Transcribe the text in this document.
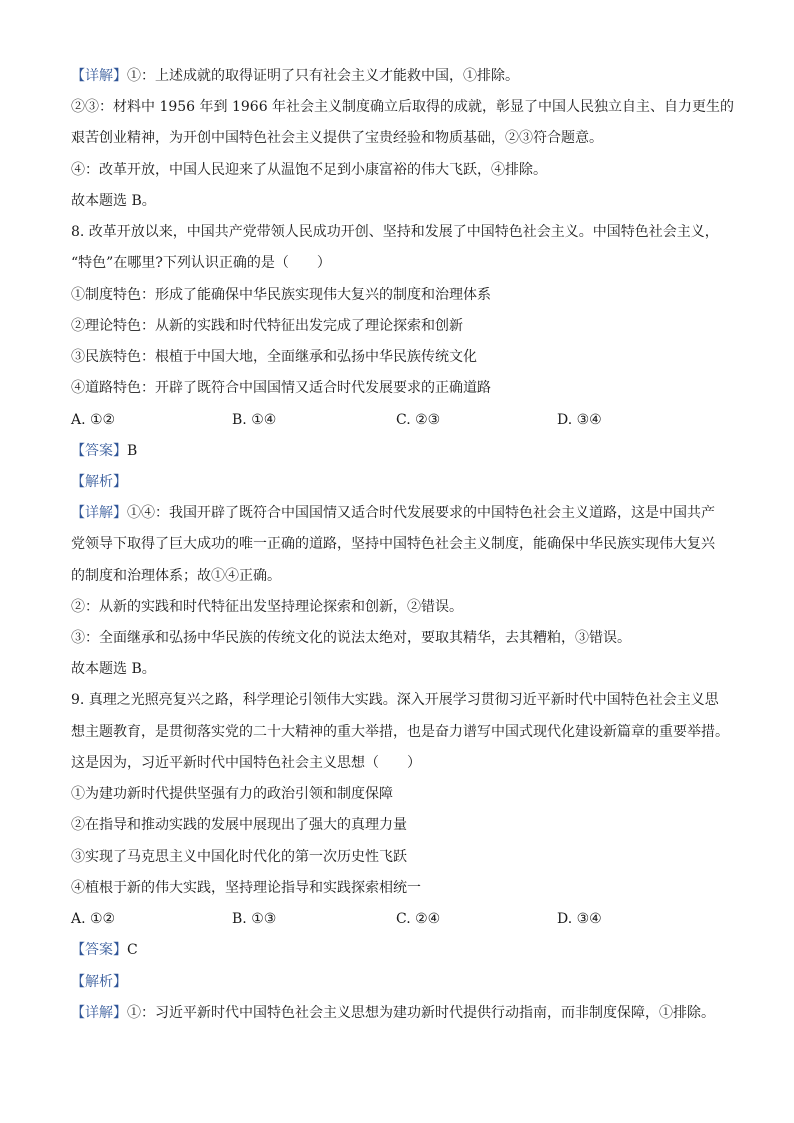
【详解】①：上述成就的取得证明了只有社会主义才能救中国，①排除。
②③：材料中 1956 年到 1966 年社会主义制度确立后取得的成就，彰显了中国人民独立自主、自力更生的
艰苦创业精神，为开创中国特色社会主义提供了宝贵经验和物质基础，②③符合题意。
④：改革开放，中国人民迎来了从温饱不足到小康富裕的伟大飞跃，④排除。
故本题选 B。
8. 改革开放以来，中国共产党带领人民成功开创、坚持和发展了中国特色社会主义。中国特色社会主义，
“特色”在哪里?下列认识正确的是（　　）
①制度特色：形成了能确保中华民族实现伟大复兴的制度和治理体系
②理论特色：从新的实践和时代特征出发完成了理论探索和创新
③民族特色：根植于中国大地，全面继承和弘扬中华民族传统文化
④道路特色：开辟了既符合中国国情又适合时代发展要求的正确道路
A. ①②	B. ①④	C. ②③	D. ③④
【答案】B
【解析】
【详解】①④：我国开辟了既符合中国国情又适合时代发展要求的中国特色社会主义道路，这是中国共产
党领导下取得了巨大成功的唯一正确的道路，坚持中国特色社会主义制度，能确保中华民族实现伟大复兴
的制度和治理体系；故①④正确。
②：从新的实践和时代特征出发坚持理论探索和创新，②错误。
③：全面继承和弘扬中华民族的传统文化的说法太绝对，要取其精华，去其糟粕，③错误。
故本题选 B。
9. 真理之光照亮复兴之路，科学理论引领伟大实践。深入开展学习贯彻习近平新时代中国特色社会主义思
想主题教育，是贯彻落实党的二十大精神的重大举措，也是奋力谱写中国式现代化建设新篇章的重要举措。
这是因为，习近平新时代中国特色社会主义思想（　　）
①为建功新时代提供坚强有力的政治引领和制度保障
②在指导和推动实践的发展中展现出了强大的真理力量
③实现了马克思主义中国化时代化的第一次历史性飞跃
④植根于新的伟大实践，坚持理论指导和实践探索相统一
A. ①②	B. ①③	C. ②④	D. ③④
【答案】C
【解析】
【详解】①：习近平新时代中国特色社会主义思想为建功新时代提供行动指南，而非制度保障，①排除。
